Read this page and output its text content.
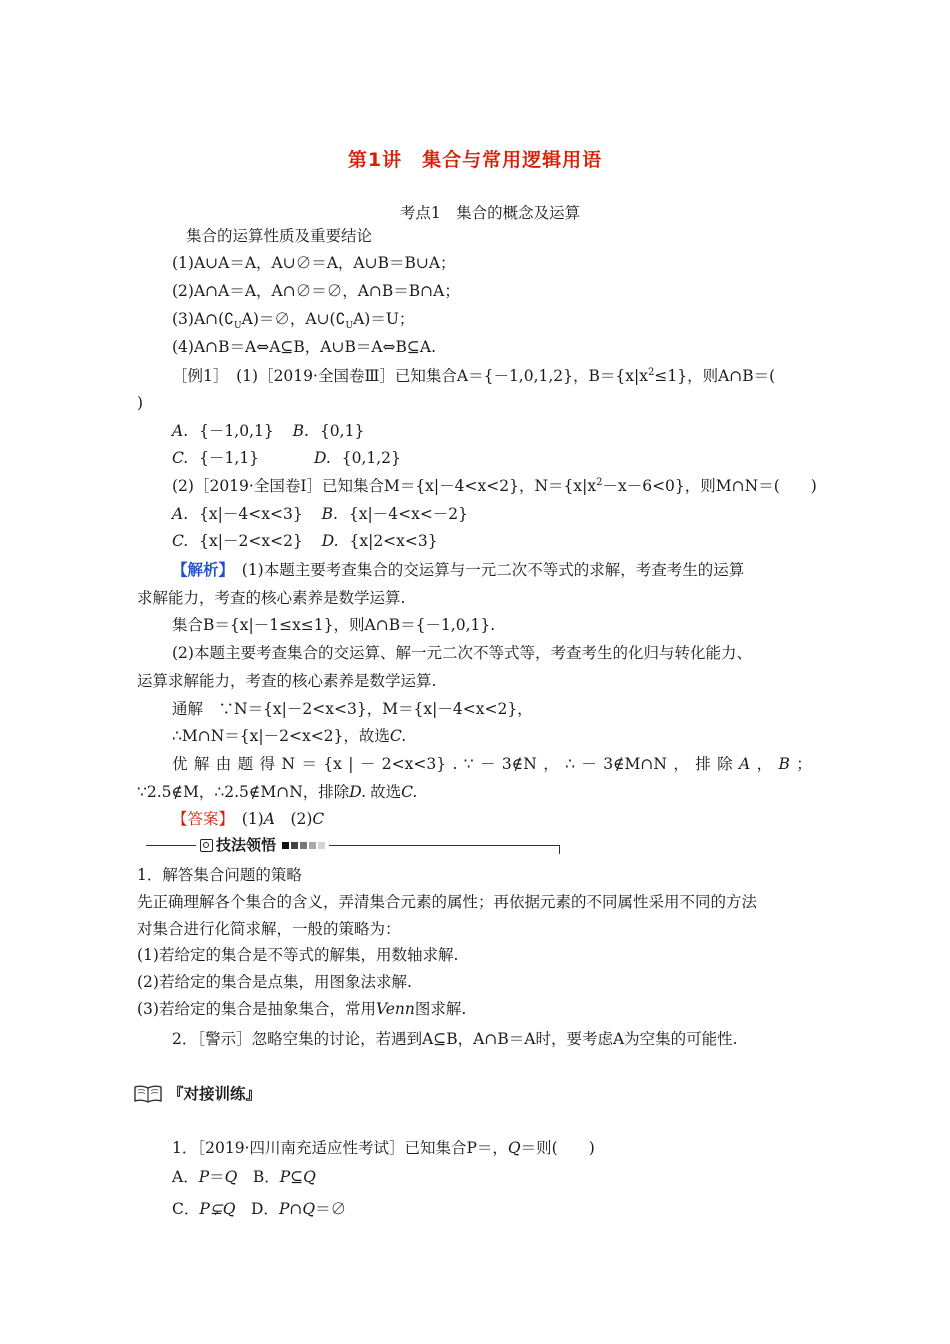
第1讲　集合与常用逻辑用语
考点1　集合的概念及运算
集合的运算性质及重要结论
(1)A∪A＝A，A∪∅＝A，A∪B＝B∪A；
(2)A∩A＝A，A∩∅＝∅，A∩B＝B∩A；
$(3)A\cap(∁_UA)=\emptyset$，$A\cup(∁_UA)=U$；
(4)A∩B＝A⇔A⊆B，A∪B＝A⇔B⊆A.
［例1］　(1)［2019·全国卷Ⅲ］已知集合A＝{－1,0,1,2}，$B=\{x|x^2\le 1\}$，则A∩B＝(
)
A. {－1,0,1} B. {0,1}
C. {－1,1}	D. {0,1,2}
(2)［2019·全国卷Ⅰ］已知集合M＝{x|－4<x<2}，$N=\{x|x^2-x-6<0\}$，则M∩N＝(　　)
A. {x|－4<x<3} B. {x|－4<x<－2}
C. {x|－2<x<2} D. {x|2<x<3}
【解析】　(1)本题主要考查集合的交运算与一元二次不等式的求解，考查考生的运算
求解能力，考查的核心素养是数学运算.
集合B＝{x|－1≤x≤1}，则A∩B＝{－1,0,1}.
(2)本题主要考查集合的交运算、解一元二次不等式等，考查考生的化归与转化能力、
运算求解能力，考查的核心素养是数学运算.
通解　∵N＝{x|－2<x<3}，M＝{x|－4<x<2}，
∴M∩N＝{x|－2<x<2}，故选C.
优 解 由 题 得 N ＝ {x | － 2<x<3} . ∵ － 3∉N ， ∴ － 3∉M∩N ， 排 除 A ， B ；
∵2.5∉M，∴2.5∉M∩N，排除D. 故选C.
【答案】　(1)A　(2)C
技法领悟
1．解答集合问题的策略
先正确理解各个集合的含义，弄清集合元素的属性；再依据元素的不同属性采用不同的方法
对集合进行化简求解，一般的策略为：
(1)若给定的集合是不等式的解集，用数轴求解.
(2)若给定的集合是点集，用图象法求解.
(3)若给定的集合是抽象集合，常用Venn图求解.
2．［警示］忽略空集的讨论，若遇到A⊆B，A∩B＝A时，要考虑A为空集的可能性.
『对接训练』
1．［2019·四川南充适应性考试］已知集合P＝，Q＝则(　　)
A．P＝Q　B．P⊆Q
C．P⊊Q　D．P∩Q＝∅
